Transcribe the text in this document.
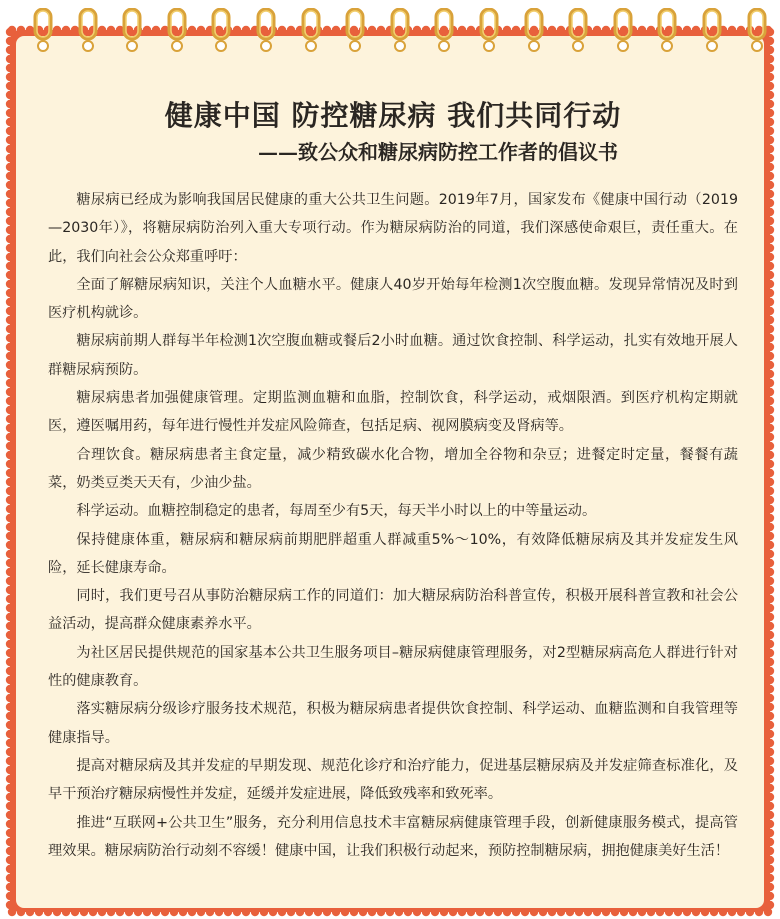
健康中国 防控糖尿病 我们共同行动
——致公众和糖尿病防控工作者的倡议书

糖尿病已经成为影响我国居民健康的重大公共卫生问题。2019年7月，国家发布《健康中国行动（2019—2030年）》，将糖尿病防治列入重大专项行动。作为糖尿病防治的同道，我们深感使命艰巨，责任重大。在此，我们向社会公众郑重呼吁：

全面了解糖尿病知识，关注个人血糖水平。健康人40岁开始每年检测1次空腹血糖。发现异常情况及时到医疗机构就诊。

糖尿病前期人群每半年检测1次空腹血糖或餐后2小时血糖。通过饮食控制、科学运动，扎实有效地开展人群糖尿病预防。

糖尿病患者加强健康管理。定期监测血糖和血脂，控制饮食，科学运动，戒烟限酒。到医疗机构定期就医，遵医嘱用药，每年进行慢性并发症风险筛查，包括足病、视网膜病变及肾病等。

合理饮食。糖尿病患者主食定量，减少精致碳水化合物，增加全谷物和杂豆；进餐定时定量，餐餐有蔬菜，奶类豆类天天有，少油少盐。

科学运动。血糖控制稳定的患者，每周至少有5天，每天半小时以上的中等量运动。

保持健康体重，糖尿病和糖尿病前期肥胖超重人群减重5%～10%，有效降低糖尿病及其并发症发生风险，延长健康寿命。

同时，我们更号召从事防治糖尿病工作的同道们：加大糖尿病防治科普宣传，积极开展科普宣教和社会公益活动，提高群众健康素养水平。

为社区居民提供规范的国家基本公共卫生服务项目–糖尿病健康管理服务，对2型糖尿病高危人群进行针对性的健康教育。

落实糖尿病分级诊疗服务技术规范，积极为糖尿病患者提供饮食控制、科学运动、血糖监测和自我管理等健康指导。

提高对糖尿病及其并发症的早期发现、规范化诊疗和治疗能力，促进基层糖尿病及并发症筛查标准化，及早干预治疗糖尿病慢性并发症，延缓并发症进展，降低致残率和致死率。

推进“互联网+公共卫生”服务，充分利用信息技术丰富糖尿病健康管理手段，创新健康服务模式，提高管理效果。糖尿病防治行动刻不容缓！健康中国，让我们积极行动起来，预防控制糖尿病，拥抱健康美好生活！
